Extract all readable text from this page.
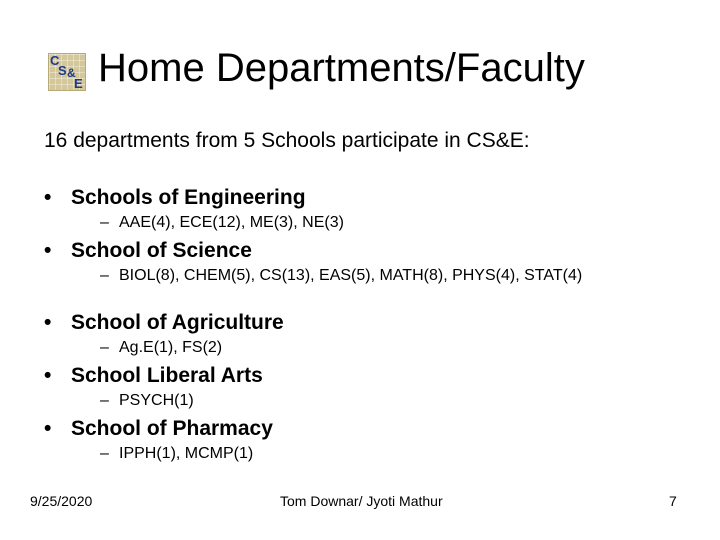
C
S &
E Home Departments/Faculty
16 departments from 5 Schools participate in CS&E:
• Schools of Engineering
– AAE(4), ECE(12), ME(3), NE(3)
• School of Science
– BIOL(8), CHEM(5), CS(13), EAS(5), MATH(8), PHYS(4), STAT(4)
• School of Agriculture
– Ag.E(1), FS(2)
• School Liberal Arts
– PSYCH(1)
• School of Pharmacy
– IPPH(1), MCMP(1)
9/25/2020	Tom Downar/ Jyoti Mathur	7
